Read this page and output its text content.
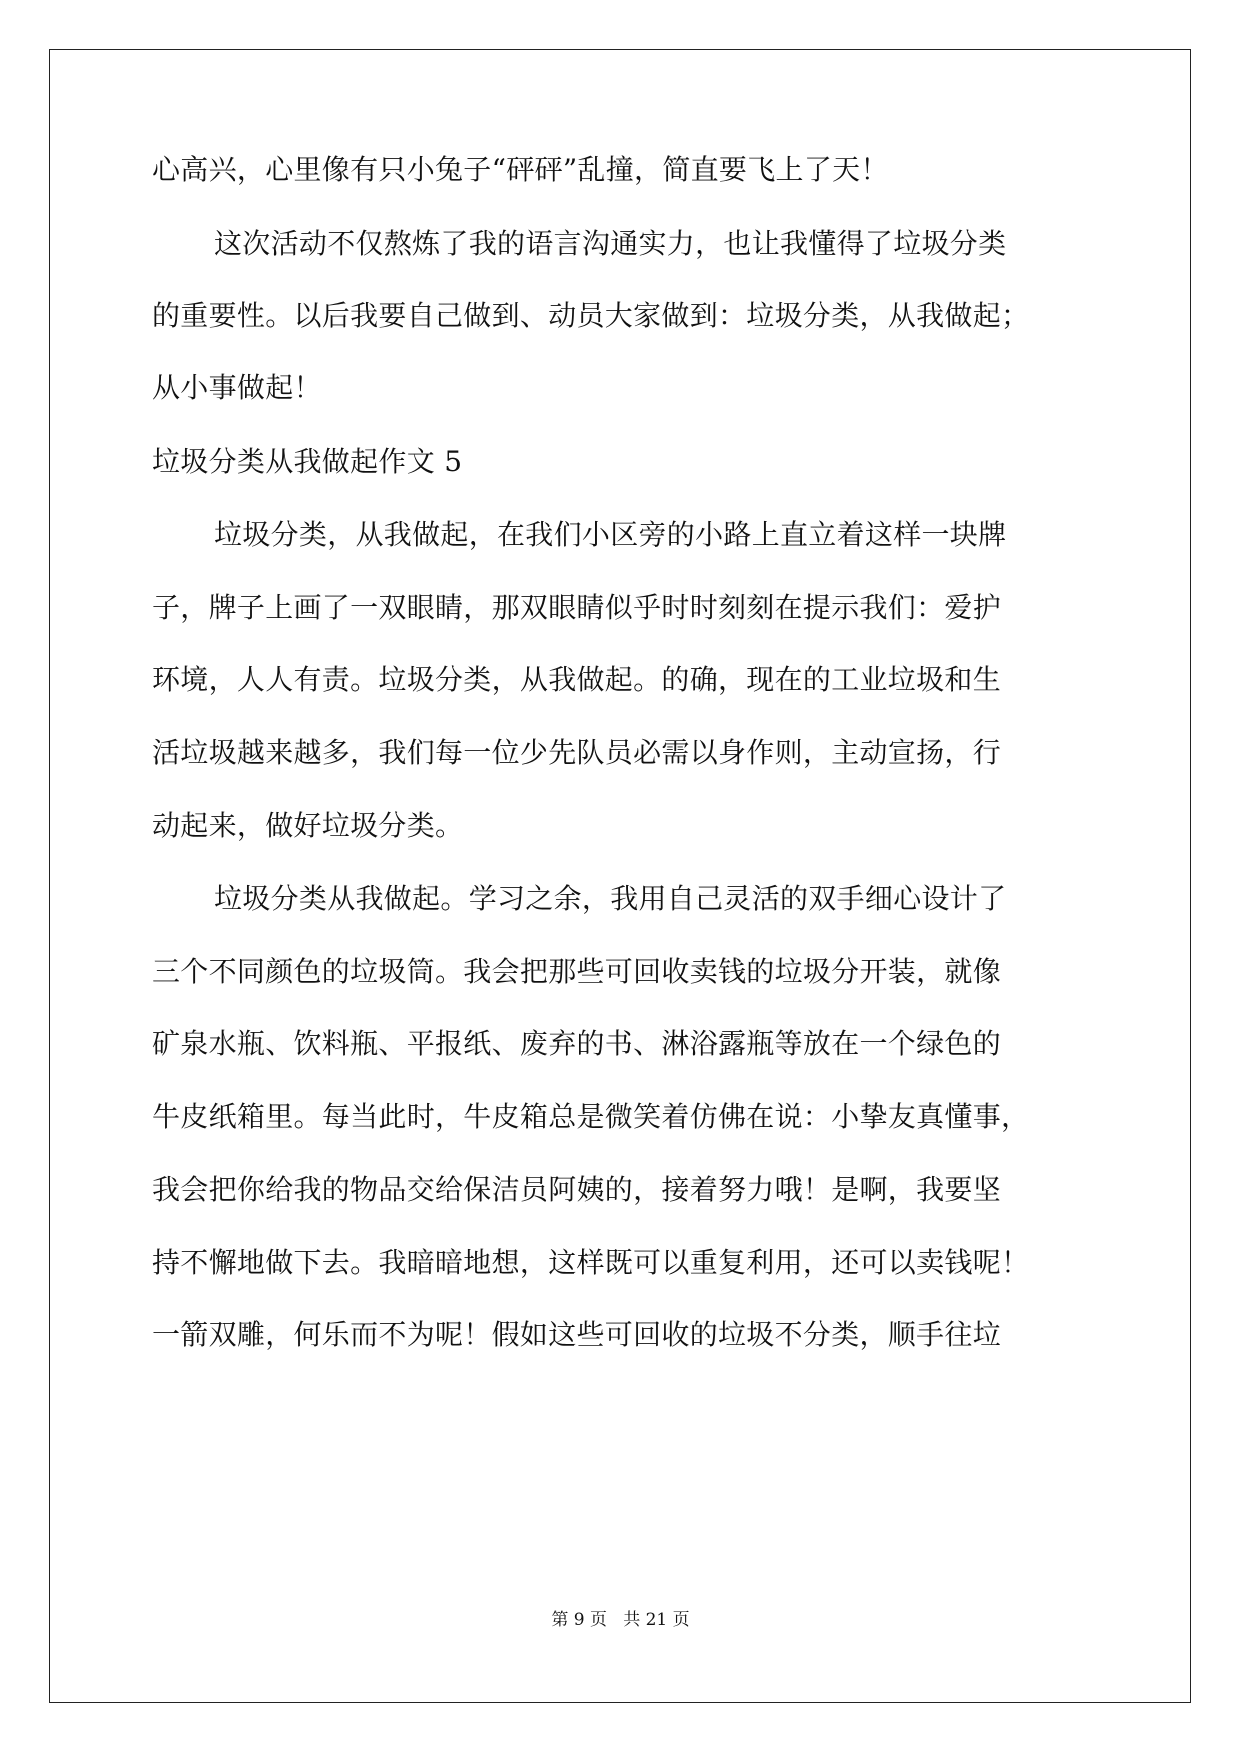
心高兴，心里像有只小兔子“砰砰”乱撞，简直要飞上了天！

这次活动不仅熬炼了我的语言沟通实力，也让我懂得了垃圾分类

的重要性。以后我要自己做到、动员大家做到：垃圾分类，从我做起；

从小事做起！

垃圾分类从我做起作文 5

垃圾分类，从我做起，在我们小区旁的小路上直立着这样一块牌

子，牌子上画了一双眼睛，那双眼睛似乎时时刻刻在提示我们：爱护

环境，人人有责。垃圾分类，从我做起。的确，现在的工业垃圾和生

活垃圾越来越多，我们每一位少先队员必需以身作则，主动宣扬，行

动起来，做好垃圾分类。

垃圾分类从我做起。学习之余，我用自己灵活的双手细心设计了

三个不同颜色的垃圾筒。我会把那些可回收卖钱的垃圾分开装，就像

矿泉水瓶、饮料瓶、平报纸、废弃的书、淋浴露瓶等放在一个绿色的

牛皮纸箱里。每当此时，牛皮箱总是微笑着仿佛在说：小挚友真懂事，

我会把你给我的物品交给保洁员阿姨的，接着努力哦！是啊，我要坚

持不懈地做下去。我暗暗地想，这样既可以重复利用，还可以卖钱呢！

一箭双雕，何乐而不为呢！假如这些可回收的垃圾不分类，顺手往垃

第 9 页   共 21 页
